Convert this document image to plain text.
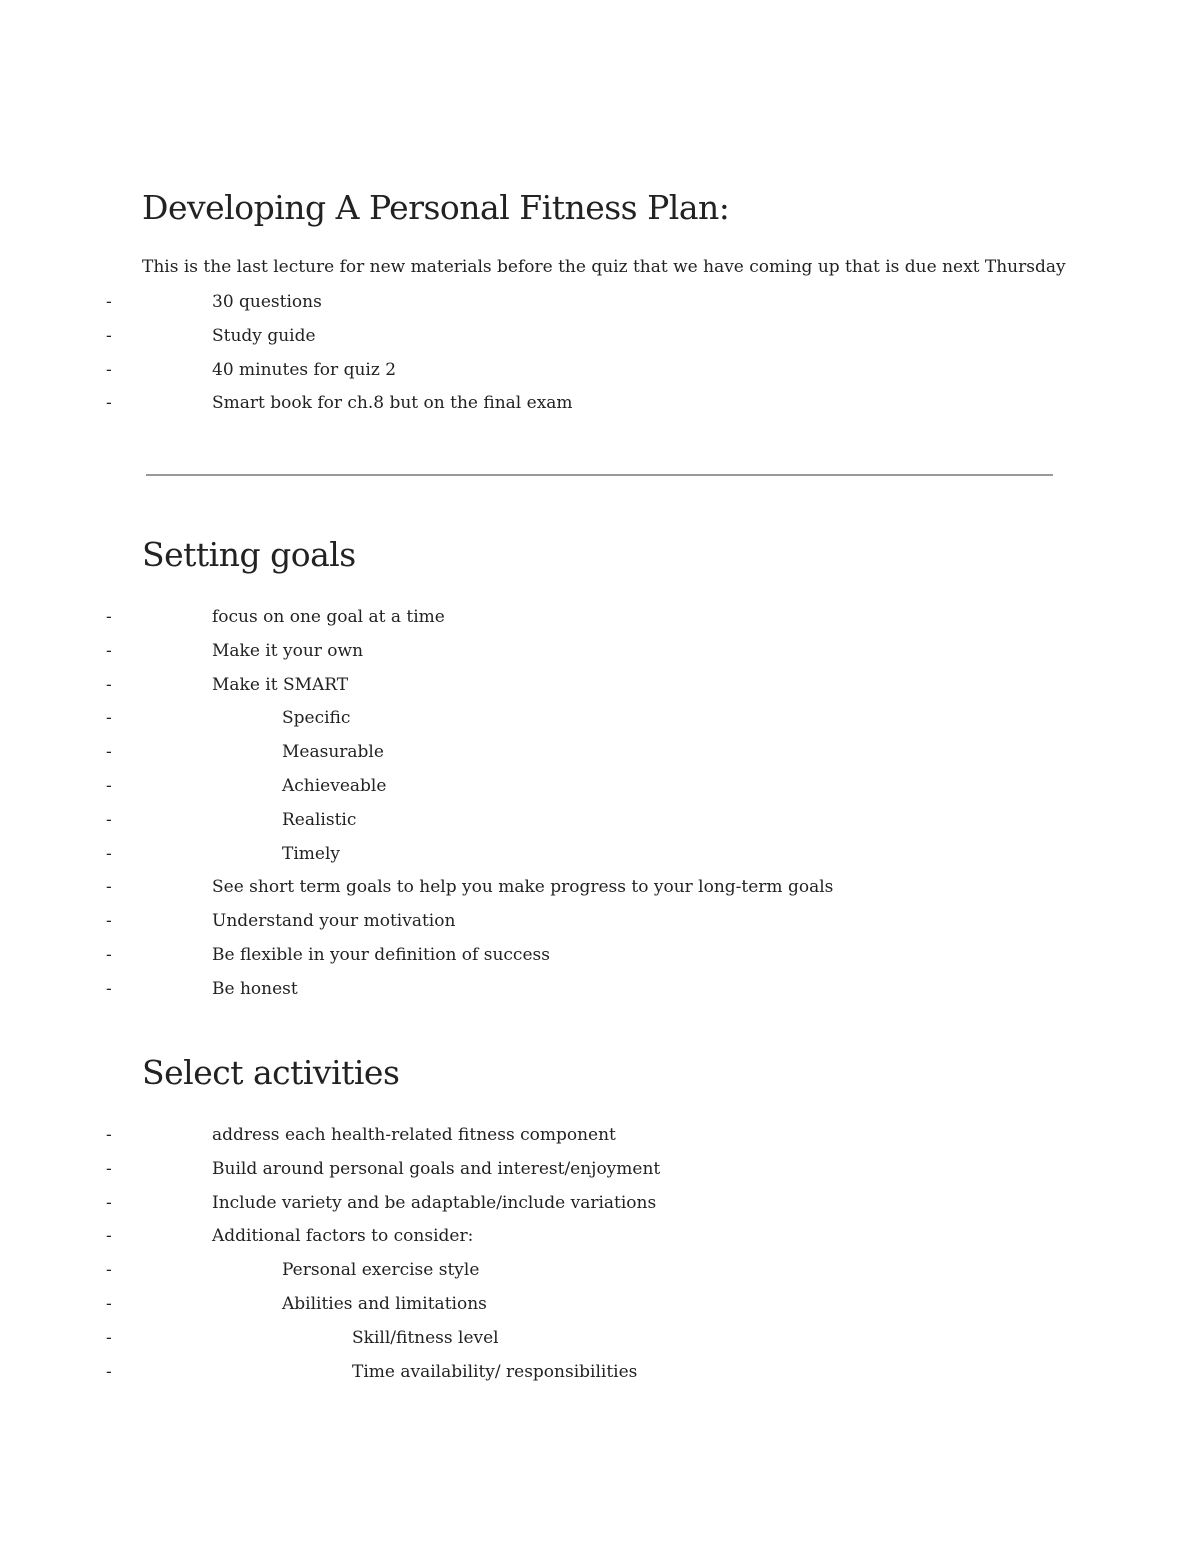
Developing A Personal Fitness Plan:

This is the last lecture for new materials before the quiz that we have coming up that is due next Thursday

-	30 questions
-	Study guide
-	40 minutes for quiz 2
-	Smart book for ch.8 but on the final exam
Setting goals
-	focus on one goal at a time
-	Make it your own
-	Make it SMART
-	Specific
-	Measurable
-	Achieveable
-	Realistic
-	Timely
-	See short term goals to help you make progress to your long-term goals
-	Understand your motivation
-	Be flexible in your definition of success
-	Be honest
Select activities
-	address each health-related fitness component
-	Build around personal goals and interest/enjoyment
-	Include variety and be adaptable/include variations
-	Additional factors to consider:
-	Personal exercise style
-	Abilities and limitations
-	Skill/fitness level
-	Time availability/ responsibilities
